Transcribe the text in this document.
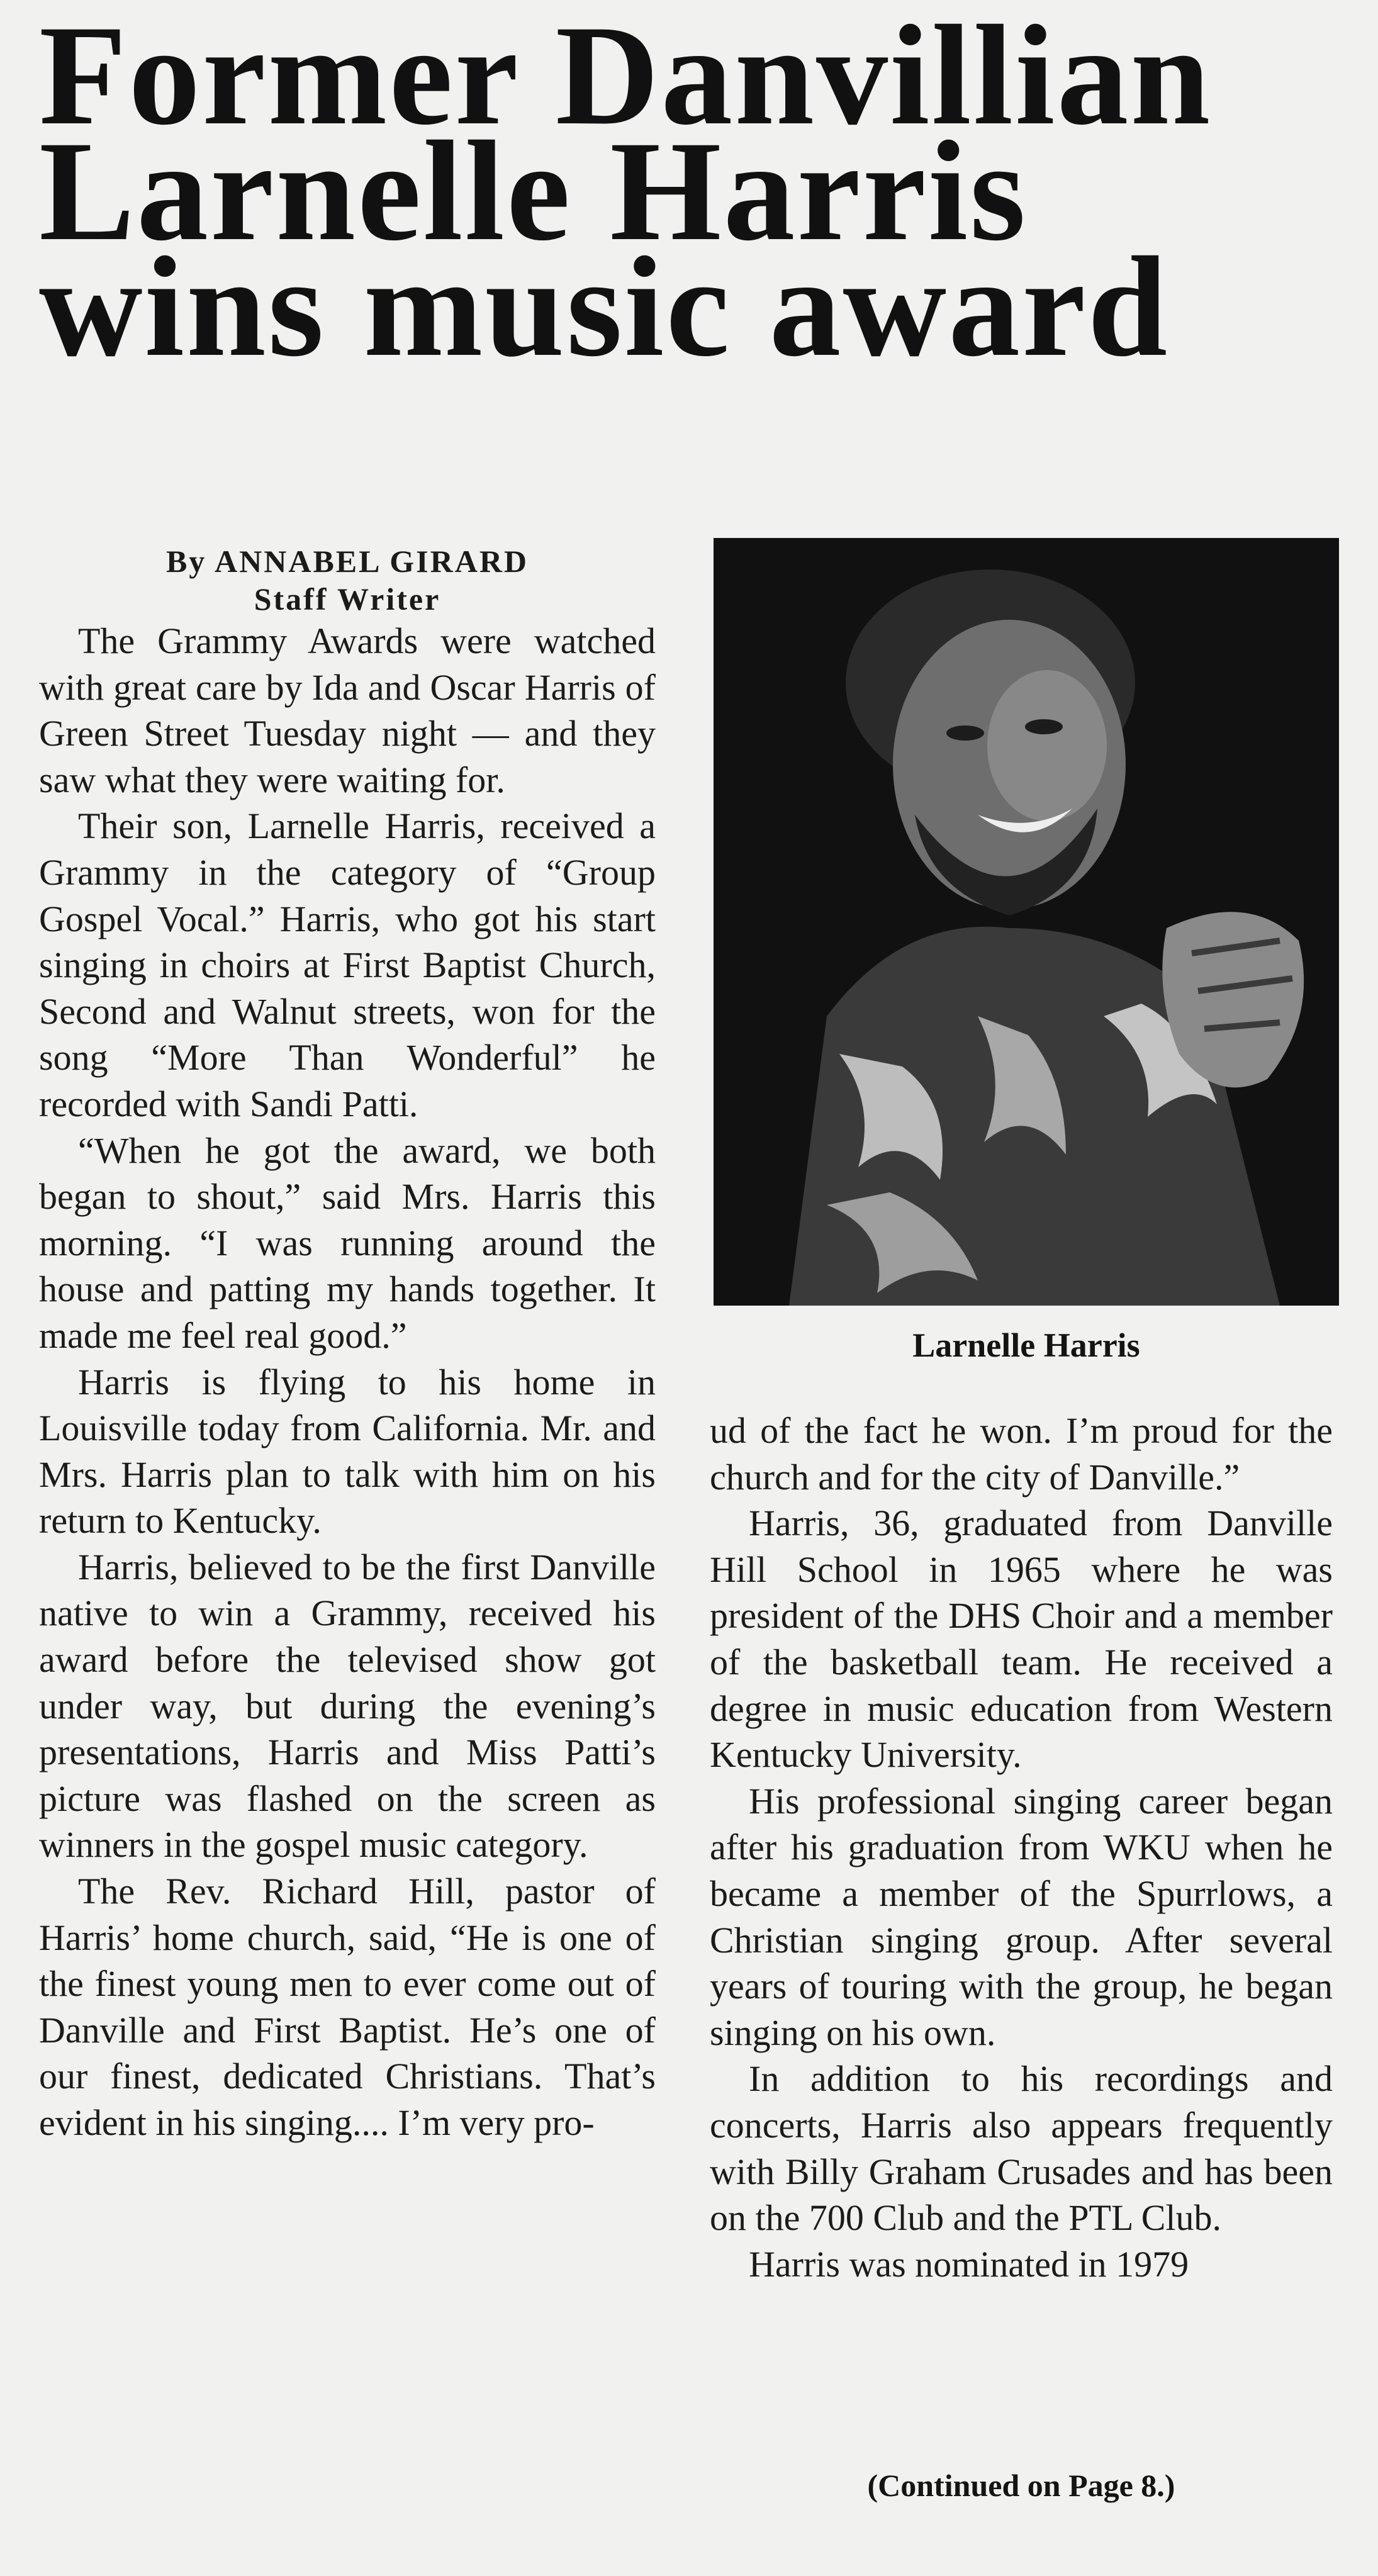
Former Danvillian
Larnelle Harris
wins music award
By ANNABEL GIRARD
Staff Writer

The Grammy Awards were watched with great care by Ida and Oscar Harris of Green Street Tuesday night — and they saw what they were waiting for.

Their son, Larnelle Harris, received a Grammy in the category of “Group Gospel Vocal.” Harris, who got his start singing in choirs at First Baptist Church, Second and Walnut streets, won for the song “More Than Wonderful” he recorded with Sandi Patti.

“When he got the award, we both began to shout,” said Mrs. Harris this morning. “I was running around the house and patting my hands together. It made me feel real good.”

Harris is flying to his home in Louisville today from California. Mr. and Mrs. Harris plan to talk with him on his return to Kentucky.

Harris, believed to be the first Danville native to win a Grammy, received his award before the televised show got under way, but during the evening’s presentations, Harris and Miss Patti’s picture was flashed on the screen as winners in the gospel music category.

The Rev. Richard Hill, pastor of Harris’ home church, said, “He is one of the finest young men to ever come out of Danville and First Baptist. He’s one of our finest, dedicated Christians. That’s evident in his singing.... I’m very pro-

Larnelle Harris

ud of the fact he won. I’m proud for the church and for the city of Danville.”

Harris, 36, graduated from Danville Hill School in 1965 where he was president of the DHS Choir and a member of the basketball team. He received a degree in music education from Western Kentucky University.

His professional singing career began after his graduation from WKU when he became a member of the Spurrlows, a Christian singing group. After several years of touring with the group, he began singing on his own.

In addition to his recordings and concerts, Harris also appears frequently with Billy Graham Crusades and has been on the 700 Club and the PTL Club.

Harris was nominated in 1979

(Continued on Page 8.)
